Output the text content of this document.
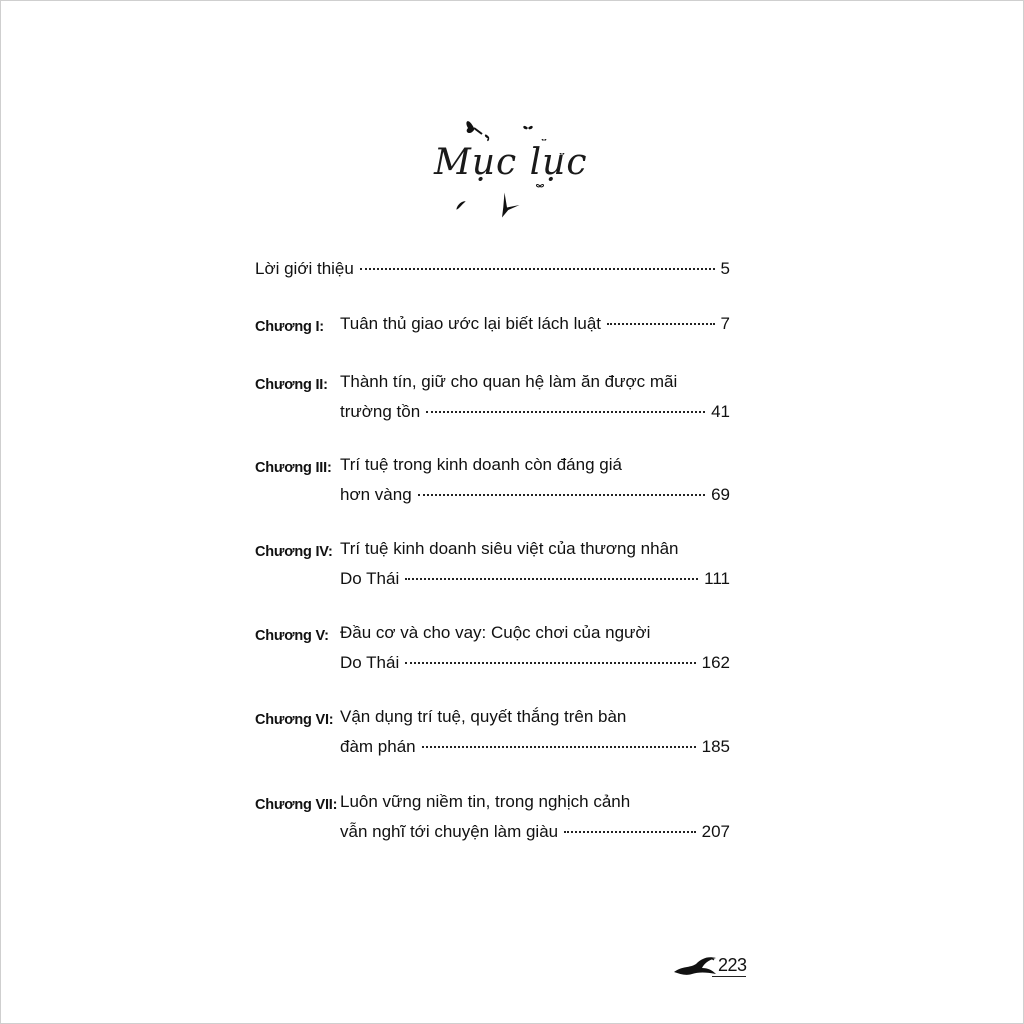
Mục lục
Lời giới thiệu	5
Chương I: Tuân thủ giao ước lại biết lách luật	7
Chương II: Thành tín, giữ cho quan hệ làm ăn được mãi
trường tồn	41
Chương III: Trí tuệ trong kinh doanh còn đáng giá
hơn vàng	69
Chương IV: Trí tuệ kinh doanh siêu việt của thương nhân
Do Thái	111
Chương V: Đầu cơ và cho vay: Cuộc chơi của người
Do Thái	162
Chương VI: Vận dụng trí tuệ, quyết thắng trên bàn
đàm phán	185
Chương VII: Luôn vững niềm tin, trong nghịch cảnh
vẫn nghĩ tới chuyện làm giàu	207
223
